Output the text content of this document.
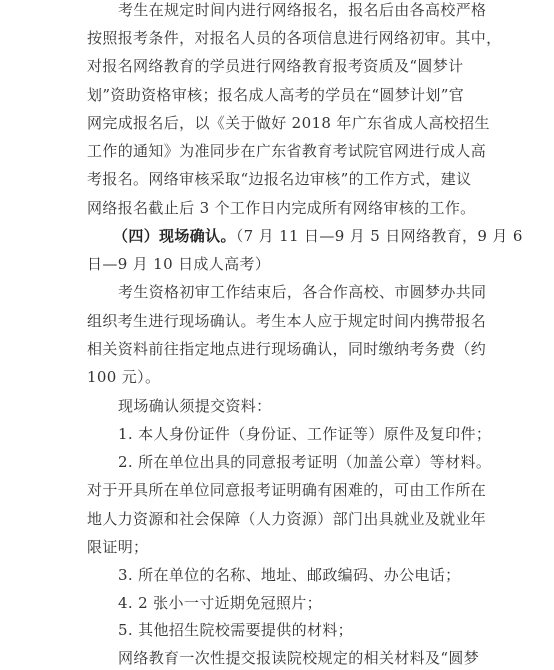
考生在规定时间内进行网络报名，报名后由各高校严格
按照报考条件，对报名人员的各项信息进行网络初审。其中，
对报名网络教育的学员进行网络教育报考资质及“圆梦计
划”资助资格审核；报名成人高考的学员在“圆梦计划”官
网完成报名后，以《关于做好 2018 年广东省成人高校招生
工作的通知》为准同步在广东省教育考试院官网进行成人高
考报名。网络审核采取“边报名边审核”的工作方式，建议
网络报名截止后 3 个工作日内完成所有网络审核的工作。
（四）现场确认。（7 月 11 日—9 月 5 日网络教育，9 月 6
日—9 月 10 日成人高考）
考生资格初审工作结束后，各合作高校、市圆梦办共同
组织考生进行现场确认。考生本人应于规定时间内携带报名
相关资料前往指定地点进行现场确认，同时缴纳考务费（约
100 元）。
现场确认须提交资料：
1. 本人身份证件（身份证、工作证等）原件及复印件；
2. 所在单位出具的同意报考证明（加盖公章）等材料。
对于开具所在单位同意报考证明确有困难的，可由工作所在
地人力资源和社会保障（人力资源）部门出具就业及就业年
限证明；
3. 所在单位的名称、地址、邮政编码、办公电话；
4. 2 张小一寸近期免冠照片；
5. 其他招生院校需要提供的材料；
网络教育一次性提交报读院校规定的相关材料及“圆梦
